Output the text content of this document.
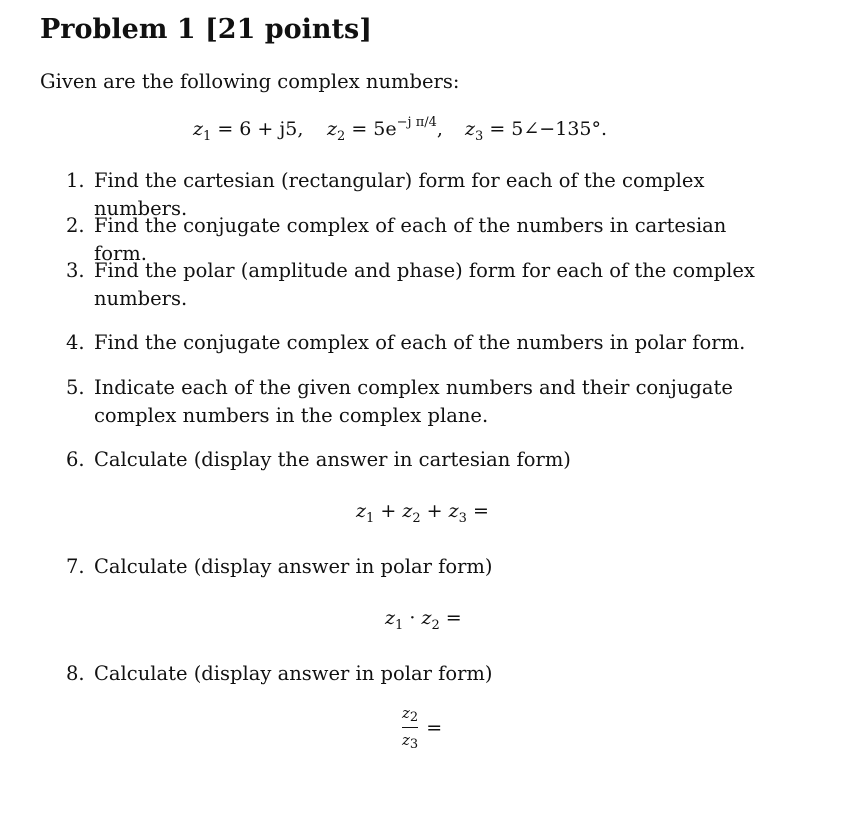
Problem 1 [21 points]
Given are the following complex numbers:
$z_1 = 6 + j5$, $z_2 = 5e^{-j \pi/4}$, $z_3$ = 5∠−135°.
1. Find the cartesian (rectangular) form for each of the complex numbers.
2. Find the conjugate complex of each of the numbers in cartesian form.
3. Find the polar (amplitude and phase) form for each of the complex numbers.
4. Find the conjugate complex of each of the numbers in polar form.
5. Indicate each of the given complex numbers and their conjugate complex numbers in the complex plane.
6. Calculate (display the answer in cartesian form)
$z_1 + z_2 + z_3$ =
7. Calculate (display answer in polar form)
$z_1 \cdot z_2$ =
8. Calculate (display answer in polar form)
$\frac{z2}{z3}$ =
